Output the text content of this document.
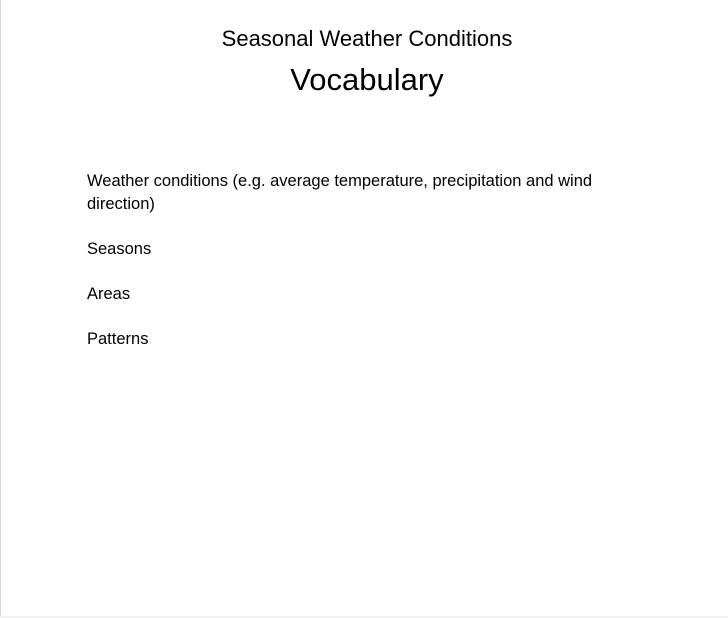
Seasonal Weather Conditions
Vocabulary
Weather conditions (e.g. average temperature, precipitation and wind direction)
Seasons
Areas
Patterns
